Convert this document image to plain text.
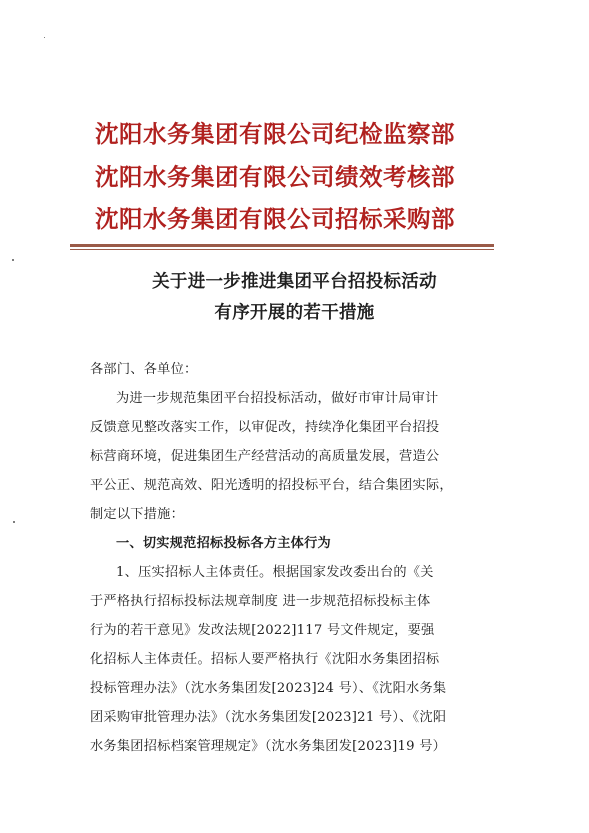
沈阳水务集团有限公司纪检监察部
沈阳水务集团有限公司绩效考核部
沈阳水务集团有限公司招标采购部
关于进一步推进集团平台招投标活动
有序开展的若干措施
各部门、各单位：
为进一步规范集团平台招投标活动，做好市审计局审计
反馈意见整改落实工作，以审促改，持续净化集团平台招投
标营商环境，促进集团生产经营活动的高质量发展，营造公
平公正、规范高效、阳光透明的招投标平台，结合集团实际，
制定以下措施：
一、切实规范招标投标各方主体行为
1、压实招标人主体责任。根据国家发改委出台的《关
于严格执行招标投标法规章制度 进一步规范招标投标主体
行为的若干意见》发改法规[2022]117 号文件规定，要强
化招标人主体责任。招标人要严格执行《沈阳水务集团招标
投标管理办法》（沈水务集团发[2023]24 号）、《沈阳水务集
团采购审批管理办法》（沈水务集团发[2023]21 号）、《沈阳
水务集团招标档案管理规定》（沈水务集团发[2023]19 号）
